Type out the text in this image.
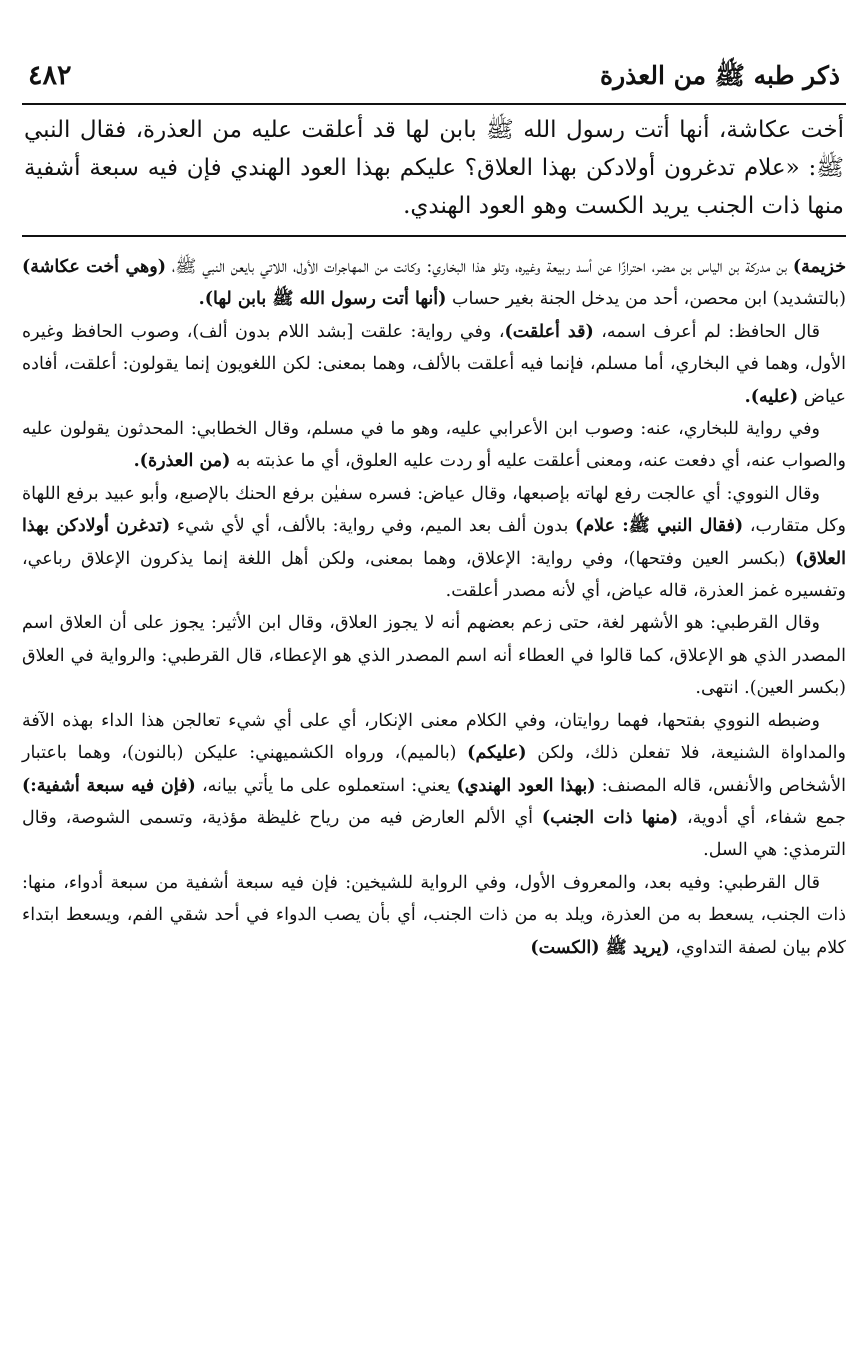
ذكر طبه ﷺ من العذرة
٤٨٢
أخت عكاشة، أنها أتت رسول الله ﷺ بابن لها قد أعلقت عليه من العذرة، فقال النبي ﷺ: «علام تدغرون أولادكن بهذا العلاق؟ عليكم بهذا العود الهندي فإن فيه سبعة أشفية منها ذات الجنب يريد الكست وهو العود الهندي.

خزيمة) بن مدركة بن الياس بن مضر، احترازًا عن أسد ربيعة وغيره، وتلو هذا البخاري: وكانت من المهاجرات الأول، اللاتي بايعن النبي ﷺ، (وهي أخت عكاشة) (بالتشديد) ابن محصن، أحد من يدخل الجنة بغير حساب (أنها أتت رسول الله ﷺ بابن لها).

قال الحافظ: لم أعرف اسمه، (قد أعلقت)، وفي رواية: علقت [بشد اللام بدون ألف)، وصوب الحافظ وغيره الأول، وهما في البخاري، أما مسلم، فإنما فيه أعلقت بالألف، وهما بمعنى: لكن اللغويون إنما يقولون: أعلقت، أفاده عياض (عليه).

وفي رواية للبخاري، عنه: وصوب ابن الأعرابي عليه، وهو ما في مسلم، وقال الخطابي: المحدثون يقولون عليه والصواب عنه، أي دفعت عنه، ومعنى أعلقت عليه أو ردت عليه العلوق، أي ما عذبته به (من العذرة).

وقال النووي: أي عالجت رفع لهاته بإصبعها، وقال عياض: فسره سفيٰن برفع الحنك بالإصبع، وأبو عبيد برفع اللهاة وكل متقارب، (فقال النبي ﷺ: علام) بدون ألف بعد الميم، وفي رواية: بالألف، أي لأي شيء (تدغرن أولادكن بهذا العلاق) (بكسر العين وفتحها)، وفي رواية: الإعلاق، وهما بمعنى، ولكن أهل اللغة إنما يذكرون الإعلاق رباعي، وتفسيره غمز العذرة، قاله عياض، أي لأنه مصدر أعلقت.

وقال القرطبي: هو الأشهر لغة، حتى زعم بعضهم أنه لا يجوز العلاق، وقال ابن الأثير: يجوز على أن العلاق اسم المصدر الذي هو الإعلاق، كما قالوا في العطاء أنه اسم المصدر الذي هو الإعطاء، قال القرطبي: والرواية في العلاق (بكسر العين). انتهى.

وضبطه النووي بفتحها، فهما روايتان، وفي الكلام معنى الإنكار، أي على أي شيء تعالجن هذا الداء بهذه الآفة والمداواة الشنيعة، فلا تفعلن ذلك، ولكن (عليكم) (بالميم)، ورواه الكشميهني: عليكن (بالنون)، وهما باعتبار الأشخاص والأنفس، قاله المصنف: (بهذا العود الهندي) يعني: استعملوه على ما يأتي بيانه، (فإن فيه سبعة أشفية:) جمع شفاء، أي أدوية، (منها ذات الجنب) أي الألم العارض فيه من رياح غليظة مؤذية، وتسمى الشوصة، وقال الترمذي: هي السل.

قال القرطبي: وفيه بعد، والمعروف الأول، وفي الرواية للشيخين: فإن فيه سبعة أشفية من سبعة أدواء، منها: ذات الجنب، يسعط به من العذرة، ويلد به من ذات الجنب، أي بأن يصب الدواء في أحد شقي الفم، ويسعط ابتداء كلام بيان لصفة التداوي، (يريد ﷺ (الكست)
